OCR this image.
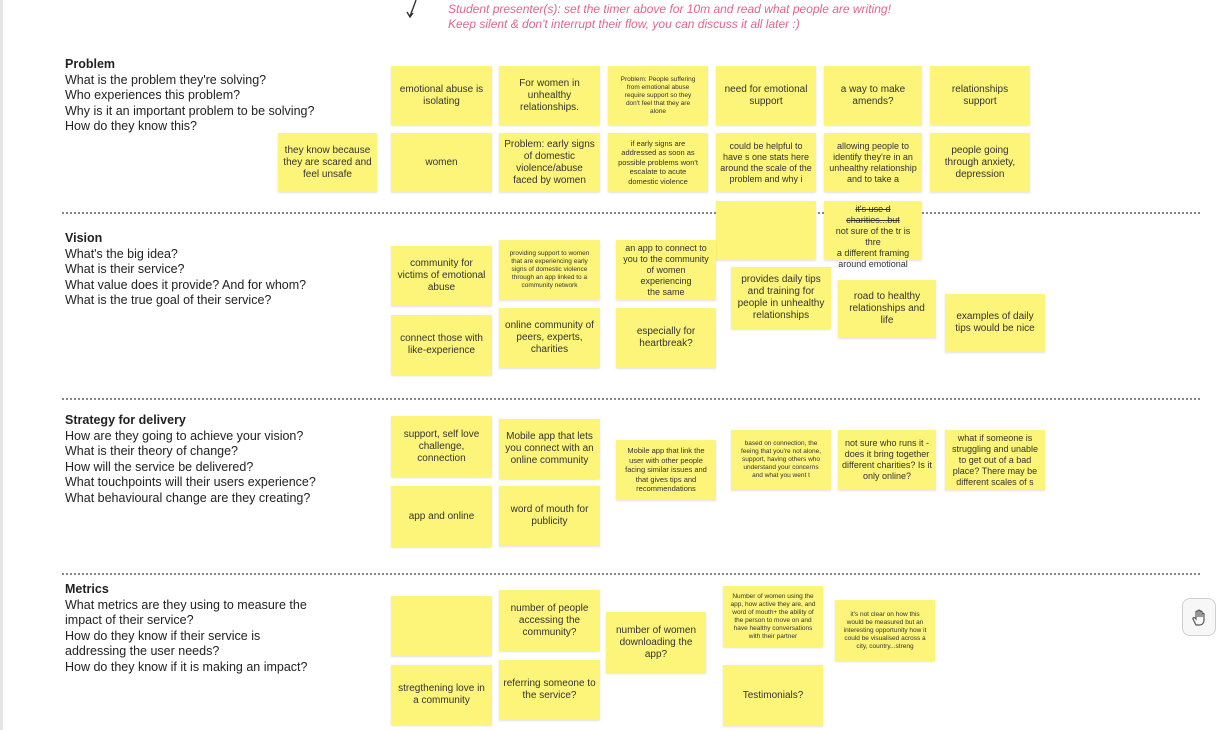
Student presenter(s): set the timer above for 10m and read what people are writing!
Keep silent & don't interrupt their flow, you can discuss it all later :)
Problem
What is the problem they're solving?
Who experiences this problem?
Why is it an important problem to be solving?
How do they know this?
Vision
What's the big idea?
What is their service?
What value does it provide? And for whom?
What is the true goal of their service?
Strategy for delivery
How are they going to achieve your vision?
What is their theory of change?
How will the service be delivered?
What touchpoints will their users experience?
What behavioural change are they creating?
Metrics
What metrics are they using to measure the
impact of their service?
How do they know if their service is
addressing the user needs?
How do they know if it is making an impact?
emotional abuse is
isolating
For women in
unhealthy
relationships.
Problem: People suffering
from emotional abuse
require support so they
don't feel that they are
alone
need for emotional
support
a way to make
amends?
relationships support
they know because
they are scared and
feel unsafe
women
Problem: early signs
of domestic
violence/abuse
faced by women
if early signs are
addressed as soon as
possible problems won't
escalate to acute
domestic violence
could be helpful to
have s one stats here
around the scale of the
problem and why i
allowing people to
identify they're in an
unhealthy relationship
and to take a
people going
through anxiety,
depression
it's use d charities...but
not sure of the tr is thre
a different framing
around emotional
community for
victims of emotional
abuse
providing support to women
that are experiencing early
signs of domestic violence
through an app linked to a
community network
an app to connect to
you to the community
of women experiencing
the same
provides daily tips
and training for
people in unhealthy
relationships
road to healthy
relationships and life	examples of daily
tips would be nice
connect those with
like-experience
online community of
peers, experts,
charities
especially for
heartbreak?
support, self love
challenge,
connection
Mobile app that lets
you connect with an
online community
Mobile app that link the
user with other people
facing similar issues and
that gives tips and
recommendations
based on connection, the
feeing that you're not alone,
support, having others who
understand your concerns
and what you went t
not sure who runs it -
does it bring together
different charities? Is it
only online?
what if someone is
struggling and unable
to get out of a bad
place? There may be
different scales of s
app and online
word of mouth for
publicity
number of people
accessing the
community?	number of women
downloading the
app?
Number of women using the
app, how active they are, and
word of mouth+ the ability of
the person to move on and
have healthy conversations
with their partner
it's not clear on how this
would be measured but an
interesting opportunity how it
could be visualised across a
city, country...streng
stregthening love in
a community
referring someone to
the service?	Testimonials?
